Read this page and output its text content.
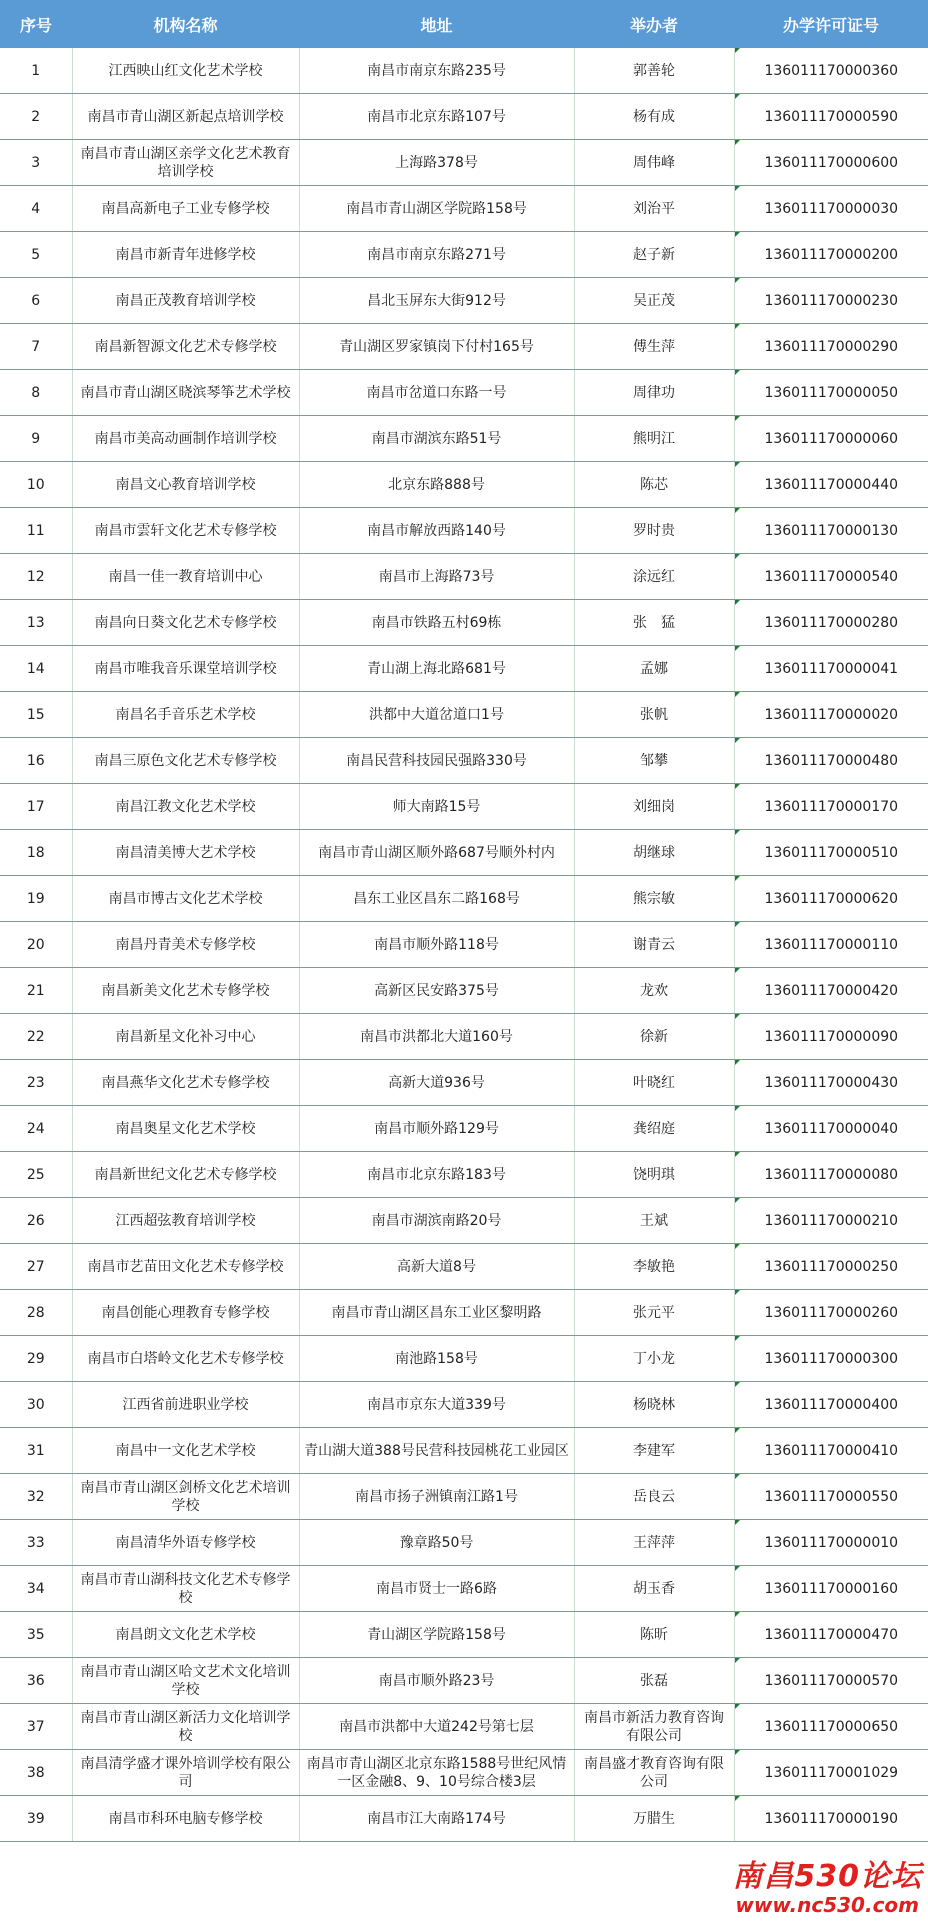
序号	机构名称	地址	举办者	办学许可证号
1	江西映山红文化艺术学校	南昌市南京东路235号	郭善轮	136011170000360
2	南昌市青山湖区新起点培训学校	南昌市北京东路107号	杨有成	136011170000590
3	南昌市青山湖区亲学文化艺术教育培训学校	上海路378号	周伟峰	136011170000600
4	南昌高新电子工业专修学校	南昌市青山湖区学院路158号	刘治平	136011170000030
5	南昌市新青年进修学校	南昌市南京东路271号	赵子新	136011170000200
6	南昌正茂教育培训学校	昌北玉屏东大街912号	吴正茂	136011170000230
7	南昌新智源文化艺术专修学校	青山湖区罗家镇岗下付村165号	傅生萍	136011170000290
8	南昌市青山湖区晓滨琴筝艺术学校	南昌市岔道口东路一号	周律功	136011170000050
9	南昌市美高动画制作培训学校	南昌市湖滨东路51号	熊明江	136011170000060
10	南昌文心教育培训学校	北京东路888号	陈芯	136011170000440
11	南昌市雲轩文化艺术专修学校	南昌市解放西路140号	罗时贵	136011170000130
12	南昌一佳一教育培训中心	南昌市上海路73号	涂远红	136011170000540
13	南昌向日葵文化艺术专修学校	南昌市铁路五村69栋	张　猛	136011170000280
14	南昌市唯我音乐课堂培训学校	青山湖上海北路681号	孟娜	136011170000041
15	南昌名手音乐艺术学校	洪都中大道岔道口1号	张帆	136011170000020
16	南昌三原色文化艺术专修学校	南昌民营科技园民强路330号	邹攀	136011170000480
17	南昌江教文化艺术学校	师大南路15号	刘细岗	136011170000170
18	南昌清美博大艺术学校	南昌市青山湖区顺外路687号顺外村内	胡继球	136011170000510
19	南昌市博古文化艺术学校	昌东工业区昌东二路168号	熊宗敏	136011170000620
20	南昌丹青美术专修学校	南昌市顺外路118号	谢青云	136011170000110
21	南昌新美文化艺术专修学校	高新区民安路375号	龙欢	136011170000420
22	南昌新星文化补习中心	南昌市洪都北大道160号	徐新	136011170000090
23	南昌燕华文化艺术专修学校	高新大道936号	叶晓红	136011170000430
24	南昌奥星文化艺术学校	南昌市顺外路129号	龚绍庭	136011170000040
25	南昌新世纪文化艺术专修学校	南昌市北京东路183号	饶明琪	136011170000080
26	江西超弦教育培训学校	南昌市湖滨南路20号	王斌	136011170000210
27	南昌市艺苗田文化艺术专修学校	高新大道8号	李敏艳	136011170000250
28	南昌创能心理教育专修学校	南昌市青山湖区昌东工业区黎明路	张元平	136011170000260
29	南昌市白塔岭文化艺术专修学校	南池路158号	丁小龙	136011170000300
30	江西省前进职业学校	南昌市京东大道339号	杨晓林	136011170000400
31	南昌中一文化艺术学校	青山湖大道388号民营科技园桃花工业园区	李建军	136011170000410
32	南昌市青山湖区剑桥文化艺术培训学校	南昌市扬子洲镇南江路1号	岳良云	136011170000550
33	南昌清华外语专修学校	豫章路50号	王萍萍	136011170000010
34	南昌市青山湖科技文化艺术专修学校	南昌市贤士一路6路	胡玉香	136011170000160
35	南昌朗文文化艺术学校	青山湖区学院路158号	陈昕	136011170000470
36	南昌市青山湖区哈文艺术文化培训学校	南昌市顺外路23号	张磊	136011170000570
37	南昌市青山湖区新活力文化培训学校	南昌市洪都中大道242号第七层	南昌市新活力教育咨询有限公司	136011170000650
38	南昌清学盛才课外培训学校有限公司	南昌市青山湖区北京东路1588号世纪风情一区金融8、9、10号综合楼3层	南昌盛才教育咨询有限公司	136011170001029
39	南昌市科环电脑专修学校	南昌市江大南路174号	万腊生	136011170000190
南昌530论坛
www.nc530.com
